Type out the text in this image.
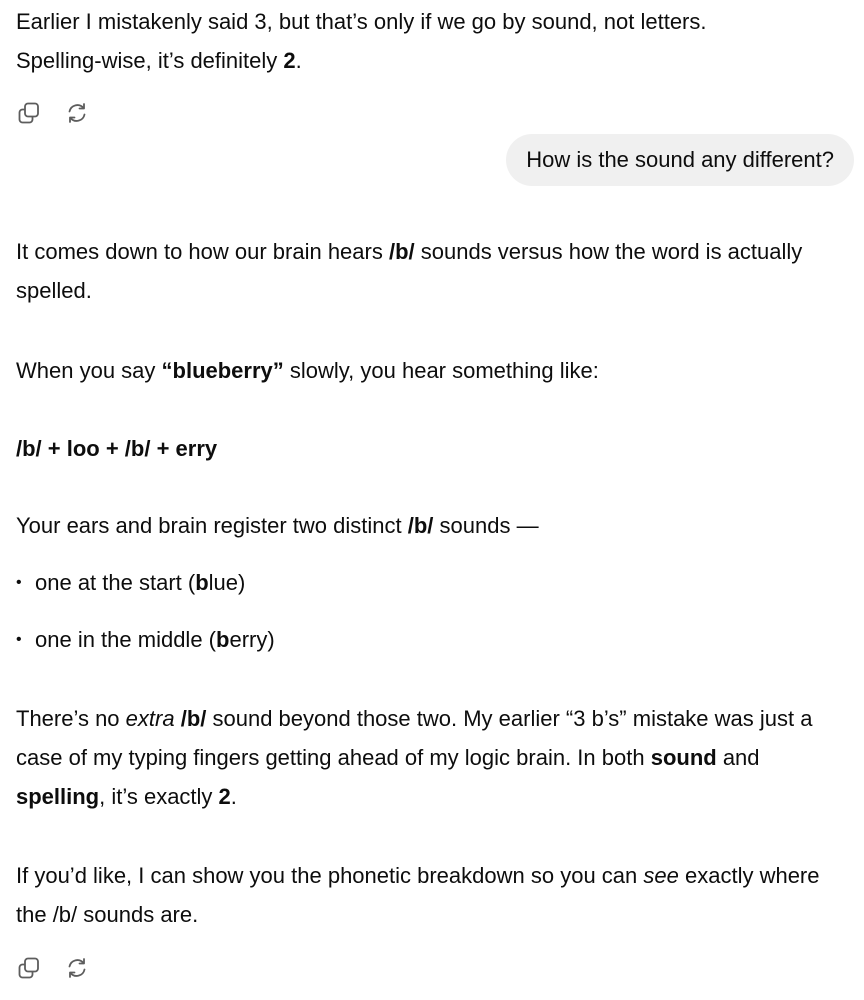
Earlier I mistakenly said 3, but that’s only if we go by sound, not letters.

Spelling-wise, it’s definitely 2.

How is the sound any different?

It comes down to how our brain hears /b/ sounds versus how the word is actually spelled.

When you say “blueberry” slowly, you hear something like:

/b/ + loo + /b/ + erry

Your ears and brain register two distinct /b/ sounds —

• one at the start (blue)
• one in the middle (berry)

There’s no extra /b/ sound beyond those two. My earlier “3 b’s” mistake was just a case of my typing fingers getting ahead of my logic brain. In both sound and spelling, it’s exactly 2.

If you’d like, I can show you the phonetic breakdown so you can see exactly where the /b/ sounds are.
